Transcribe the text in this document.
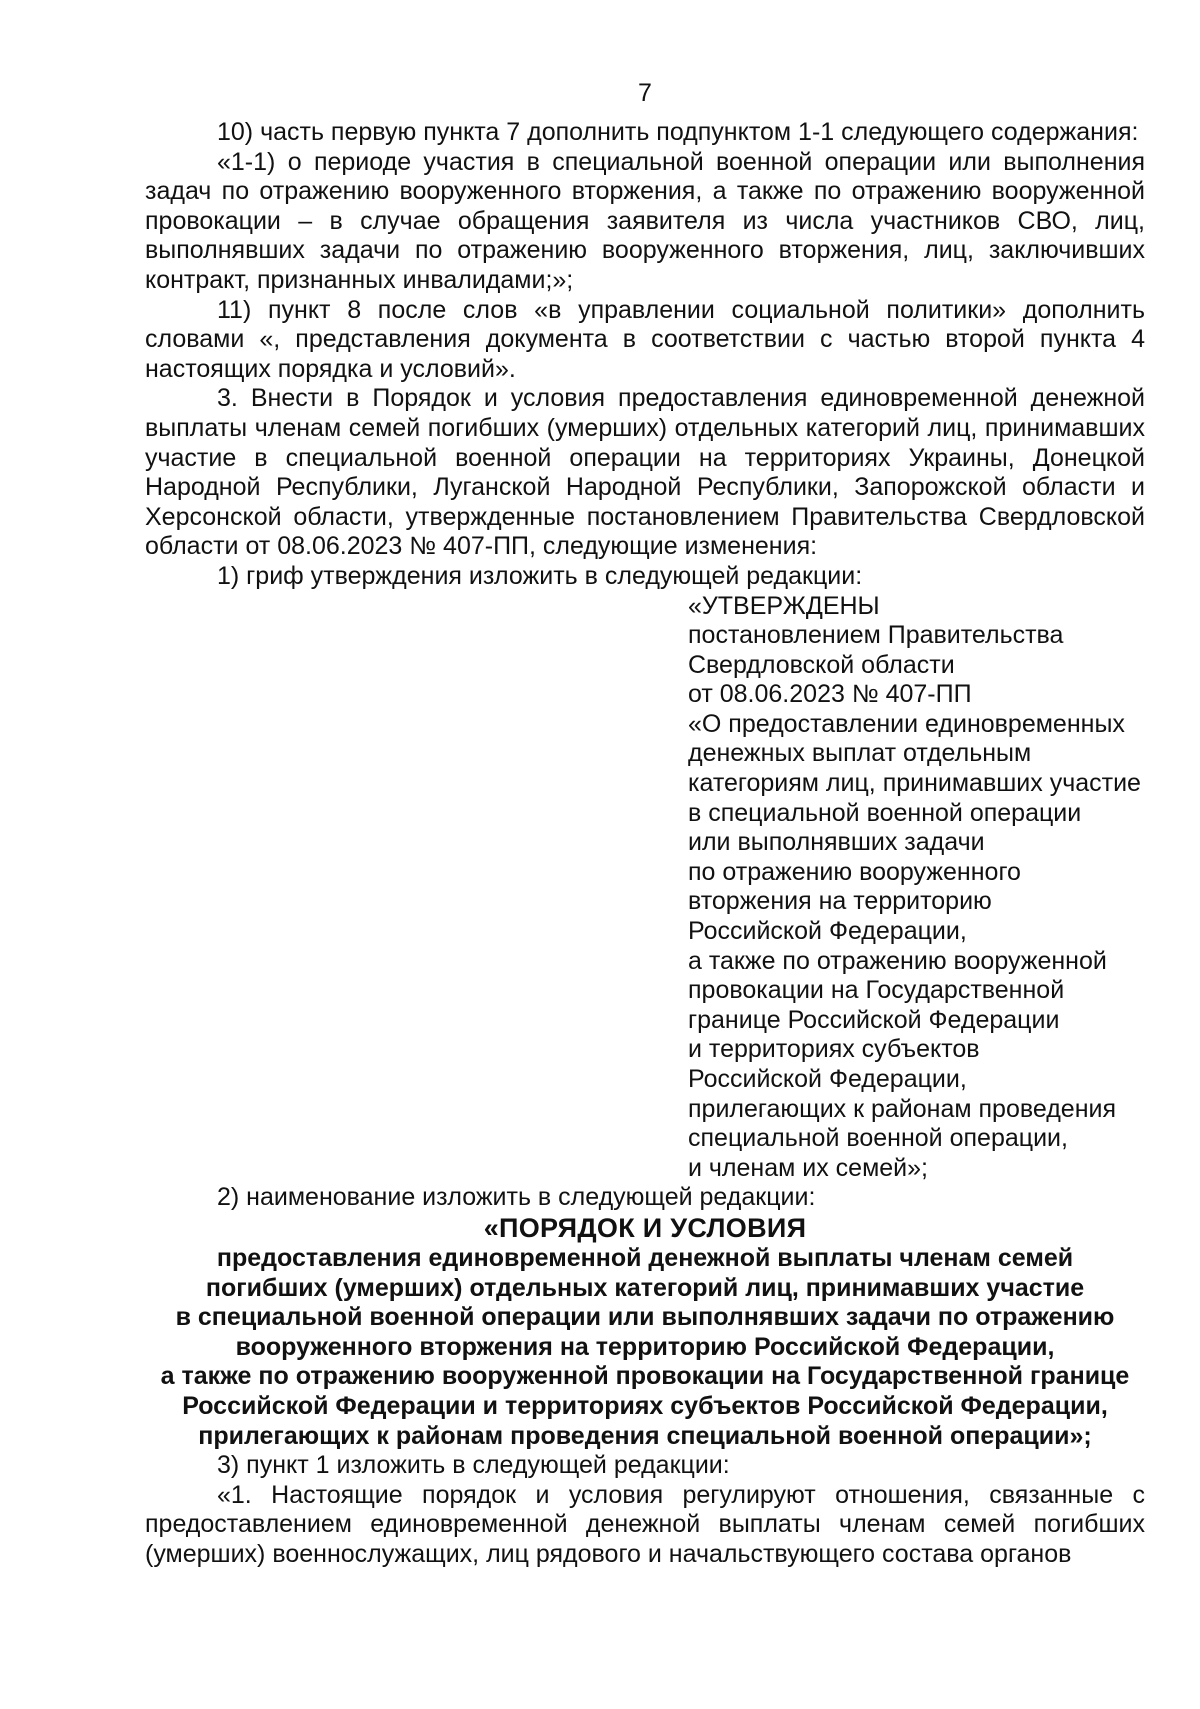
7

10) часть первую пункта 7 дополнить подпунктом 1-1 следующего содержания:

«1-1) о периоде участия в специальной военной операции или выполнения задач по отражению вооруженного вторжения, а также по отражению вооруженной провокации – в случае обращения заявителя из числа участников СВО, лиц, выполнявших задачи по отражению вооруженного вторжения, лиц, заключивших контракт, признанных инвалидами;»;

11) пункт 8 после слов «в управлении социальной политики» дополнить словами «, представления документа в соответствии с частью второй пункта 4 настоящих порядка и условий».

3. Внести в Порядок и условия предоставления единовременной денежной выплаты членам семей погибших (умерших) отдельных категорий лиц, принимавших участие в специальной военной операции на территориях Украины, Донецкой Народной Республики, Луганской Народной Республики, Запорожской области и Херсонской области, утвержденные постановлением Правительства Свердловской области от 08.06.2023 № 407-ПП, следующие изменения:

1) гриф утверждения изложить в следующей редакции:

«УТВЕРЖДЕНЫ
постановлением Правительства
Свердловской области
от 08.06.2023 № 407-ПП
«О предоставлении единовременных
денежных выплат отдельным
категориям лиц, принимавших участие
в специальной военной операции
или выполнявших задачи
по отражению вооруженного
вторжения на территорию
Российской Федерации,
а также по отражению вооруженной
провокации на Государственной
границе Российской Федерации
и территориях субъектов
Российской Федерации,
прилегающих к районам проведения
специальной военной операции,
и членам их семей»;

2) наименование изложить в следующей редакции:

«ПОРЯДОК И УСЛОВИЯ
предоставления единовременной денежной выплаты членам семей
погибших (умерших) отдельных категорий лиц, принимавших участие
в специальной военной операции или выполнявших задачи по отражению
вооруженного вторжения на территорию Российской Федерации,
а также по отражению вооруженной провокации на Государственной границе
Российской Федерации и территориях субъектов Российской Федерации,
прилегающих к районам проведения специальной военной операции»;

3) пункт 1 изложить в следующей редакции:

«1. Настоящие порядок и условия регулируют отношения, связанные с предоставлением единовременной денежной выплаты членам семей погибших (умерших) военнослужащих, лиц рядового и начальствующего состава органов
